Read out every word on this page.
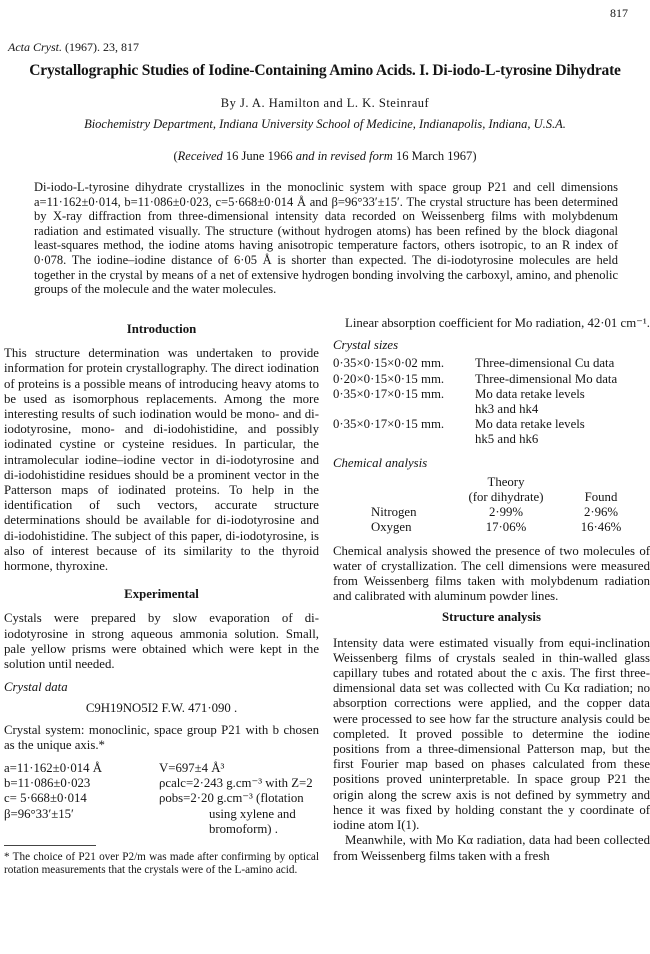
817
Acta Cryst. (1967). 23, 817
Crystallographic Studies of Iodine-Containing Amino Acids. I. Di-iodo-L-tyrosine Dihydrate
By J. A. Hamilton and L. K. Steinrauf
Biochemistry Department, Indiana University School of Medicine, Indianapolis, Indiana, U.S.A.
(Received 16 June 1966 and in revised form 16 March 1967)
Di-iodo-L-tyrosine dihydrate crystallizes in the monoclinic system with space group P21 and cell dimensions a=11·162±0·014, b=11·086±0·023, c=5·668±0·014 Å and β=96°33′±15′. The crystal structure has been determined by X-ray diffraction from three-dimensional intensity data recorded on Weissenberg films with molybdenum radiation and estimated visually. The structure (without hydrogen atoms) has been refined by the block diagonal least-squares method, the iodine atoms having anisotropic temperature factors, others isotropic, to an R index of 0·078. The iodine–iodine distance of 6·05 Å is shorter than expected. The di-iodotyrosine molecules are held together in the crystal by means of a net of extensive hydrogen bonding involving the carboxyl, amino, and phenolic groups of the molecule and the water molecules.
Introduction

This structure determination was undertaken to provide information for protein crystallography. The direct iodination of proteins is a possible means of introducing heavy atoms to be used as isomorphous replacements. Among the more interesting results of such iodination would be mono- and di-iodotyrosine, mono- and di-iodohistidine, and possibly iodinated cystine or cysteine residues. In particular, the intramolecular iodine–iodine vector in di-iodotyrosine and di-iodohistidine residues should be a prominent vector in the Patterson maps of iodinated proteins. To help in the identification of such vectors, accurate structure determinations should be available for di-iodotyrosine and di-iodohistidine. The subject of this paper, di-iodotyrosine, is also of interest because of its similarity to the thyroid hormone, thyroxine.

Experimental

Cystals were prepared by slow evaporation of di-iodotyrosine in strong aqueous ammonia solution. Small, pale yellow prisms were obtained which were kept in the solution until needed.

Crystal data
C9H19NO5I2 F.W. 471·090 .

Crystal system: monoclinic, space group P21 with b chosen as the unique axis.*

a=11·162±0·014 Å	V=697±4 Å³
b=11·086±0·023	ρcalc=2·243 g.cm⁻³ with Z=2
c= 5·668±0·014	ρobs=2·20 g.cm⁻³ (flotation
β=96°33′±15′	using xylene and
	bromoform) .

* The choice of P21 over P2/m was made after confirming by optical rotation measurements that the crystals were of the L-amino acid.

Linear absorption coefficient for Mo radiation, 42·01 cm⁻¹.

Crystal sizes
0·35×0·15×0·02 mm.	Three-dimensional Cu data
0·20×0·15×0·15 mm.	Three-dimensional Mo data
0·35×0·17×0·15 mm.	Mo data retake levels hk3 and hk4
0·35×0·17×0·15 mm.	Mo data retake levels hk5 and hk6
Chemical analysis
	Theory	
	(for dihydrate)	Found
Nitrogen	2·99%	2·96%
Oxygen	17·06%	16·46%

Chemical analysis showed the presence of two molecules of water of crystallization. The cell dimensions were measured from Weissenberg films taken with molybdenum radiation and calibrated with aluminum powder lines.

Structure analysis

Intensity data were estimated visually from equi-inclination Weissenberg films of crystals sealed in thin-walled glass capillary tubes and rotated about the c axis. The first three-dimensional data set was collected with Cu Kα radiation; no absorption corrections were applied, and the copper data were processed to see how far the structure analysis could be completed. It proved possible to determine the iodine positions from a three-dimensional Patterson map, but the first Fourier map based on phases calculated from these positions proved uninterpretable. In space group P21 the origin along the screw axis is not defined by symmetry and hence it was fixed by holding constant the y coordinate of iodine atom I(1).

Meanwhile, with Mo Kα radiation, data had been collected from Weissenberg films taken with a fresh
